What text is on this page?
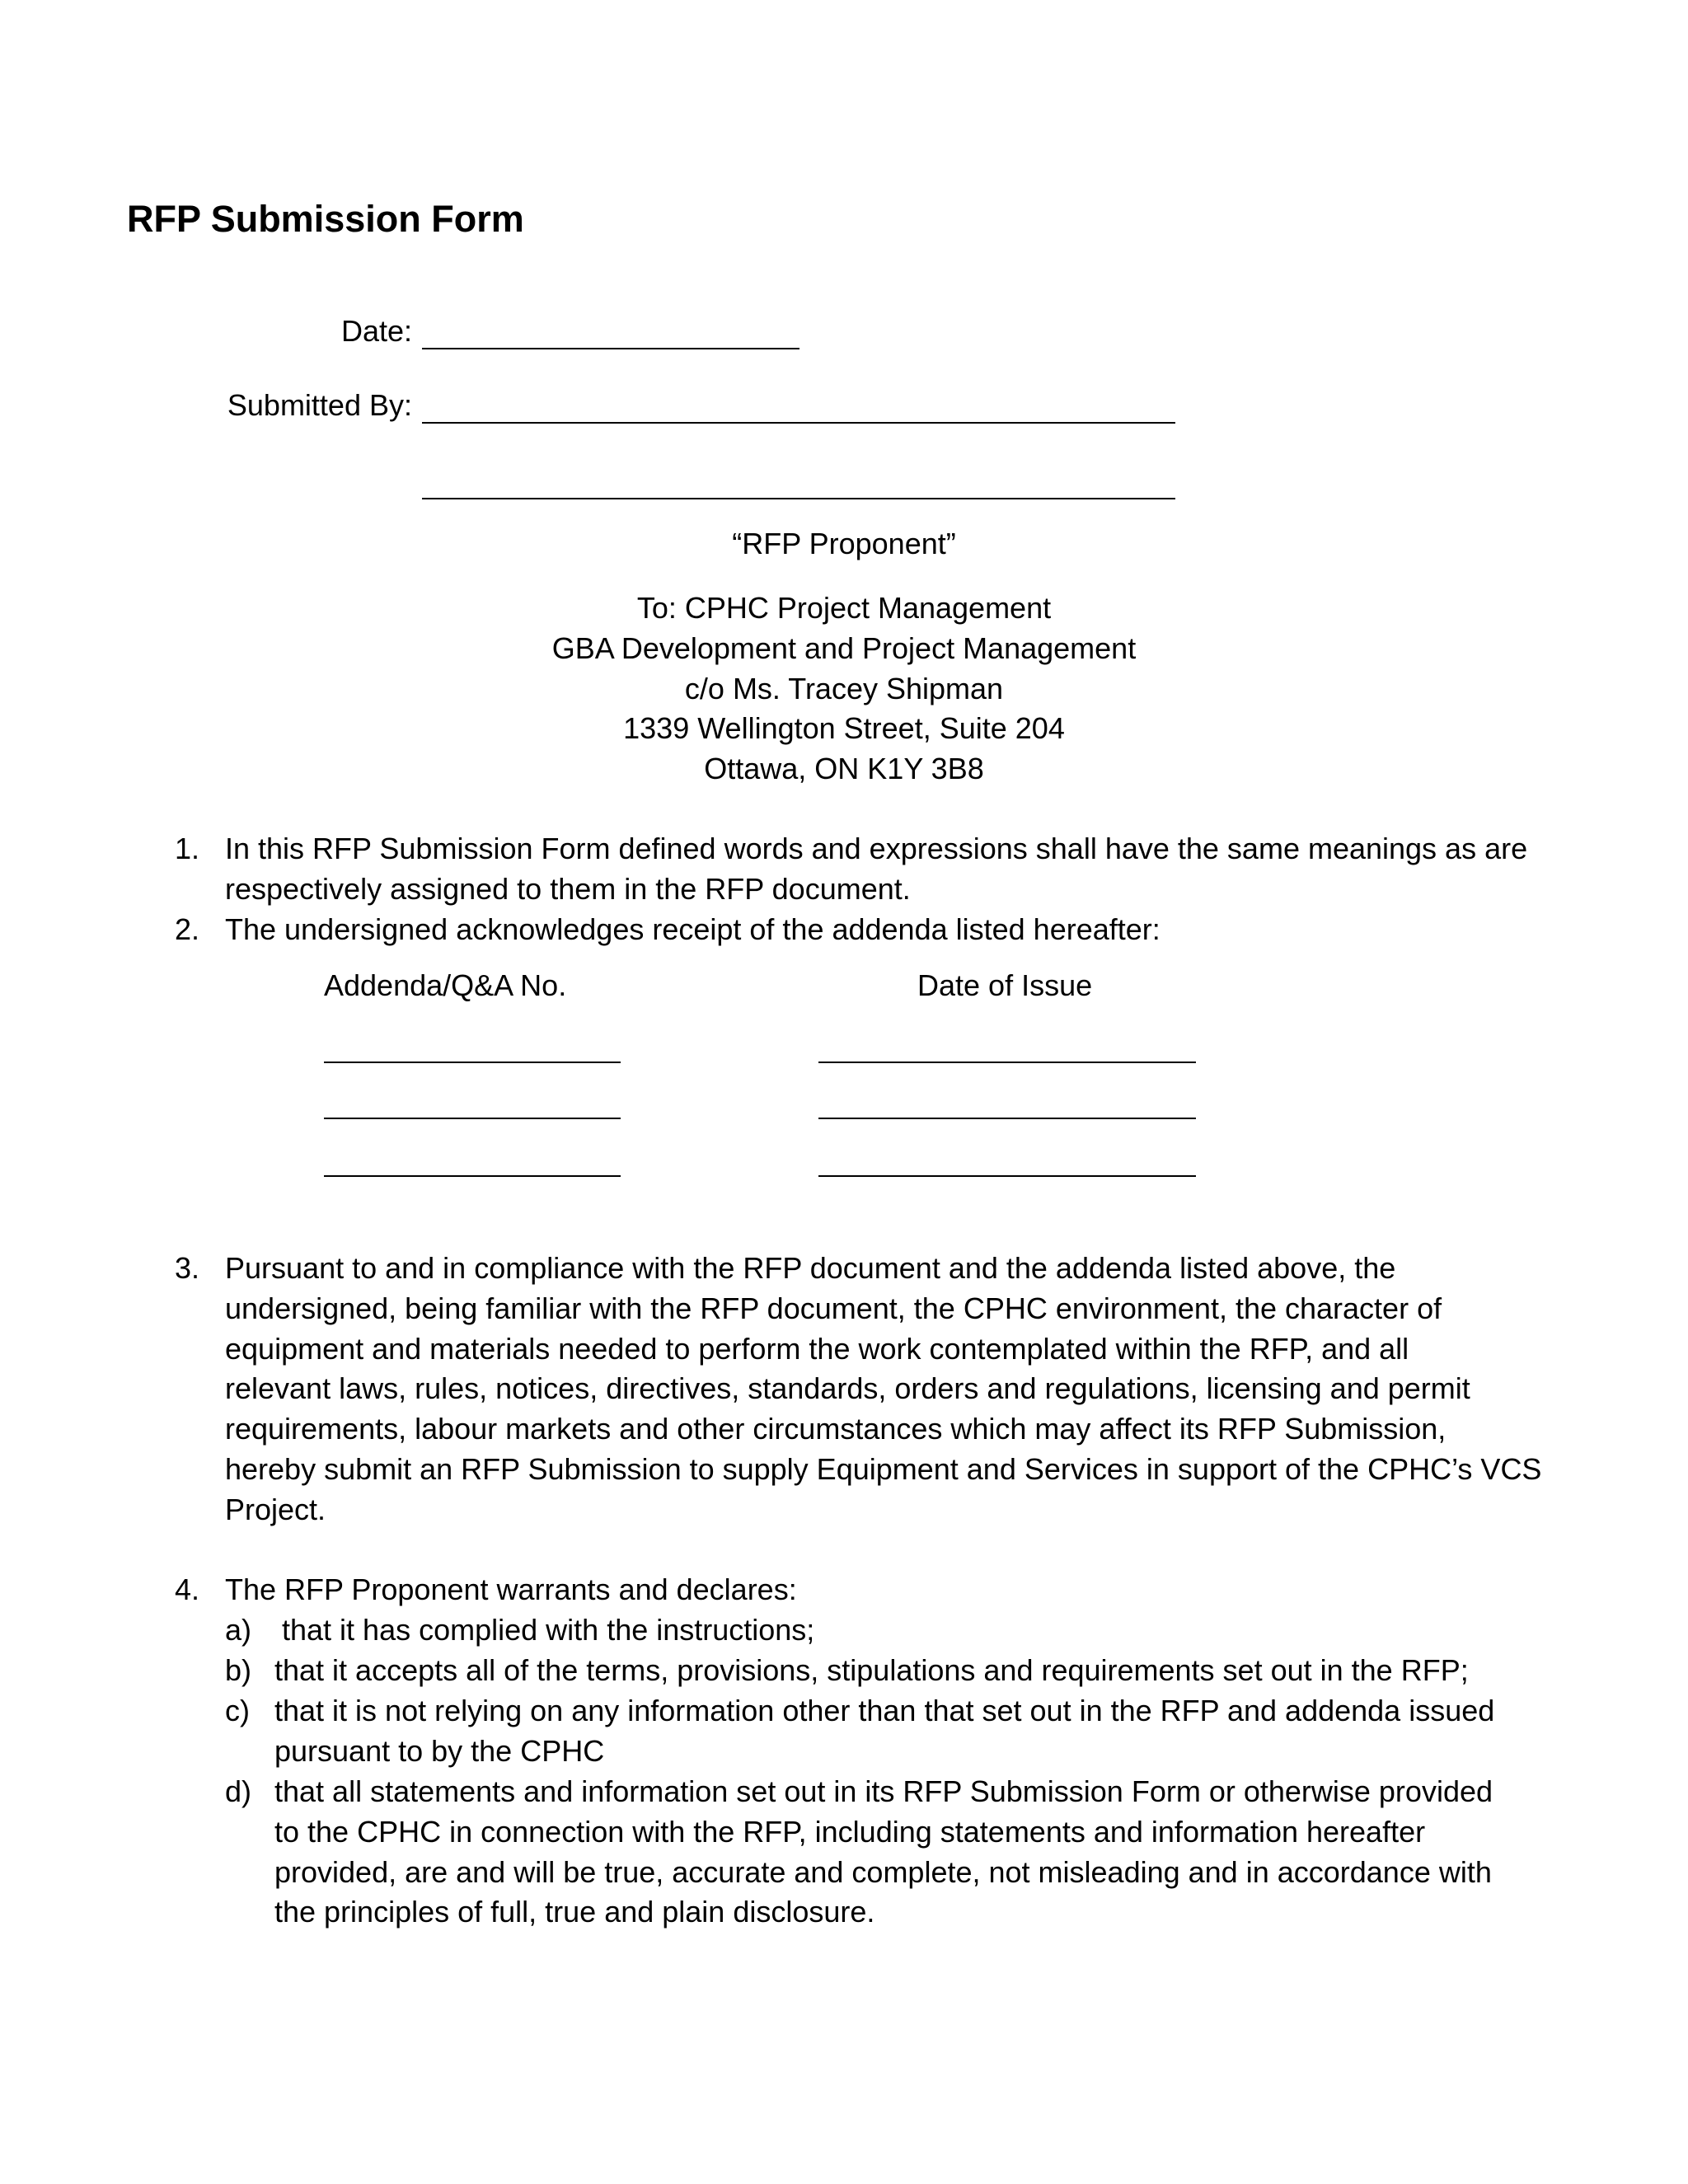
RFP Submission Form
Date:
Submitted By:
“RFP Proponent”
To: CPHC Project Management
GBA Development and Project Management
c/o Ms. Tracey Shipman
1339 Wellington Street, Suite 204
Ottawa, ON K1Y 3B8
1. In this RFP Submission Form defined words and expressions shall have the same meanings as are
respectively assigned to them in the RFP document.
2. The undersigned acknowledges receipt of the addenda listed hereafter:
Addenda/Q&A No.	Date of Issue
3. Pursuant to and in compliance with the RFP document and the addenda listed above, the
undersigned, being familiar with the RFP document, the CPHC environment, the character of
equipment and materials needed to perform the work contemplated within the RFP, and all
relevant laws, rules, notices, directives, standards, orders and regulations, licensing and permit
requirements, labour markets and other circumstances which may affect its RFP Submission,
hereby submit an RFP Submission to supply Equipment and Services in support of the CPHC’s VCS
Project.
4. The RFP Proponent warrants and declares:
a) that it has complied with the instructions;
b) that it accepts all of the terms, provisions, stipulations and requirements set out in the RFP;
c) that it is not relying on any information other than that set out in the RFP and addenda issued
pursuant to by the CPHC
d) that all statements and information set out in its RFP Submission Form or otherwise provided
to the CPHC in connection with the RFP, including statements and information hereafter
provided, are and will be true, accurate and complete, not misleading and in accordance with
the principles of full, true and plain disclosure.
